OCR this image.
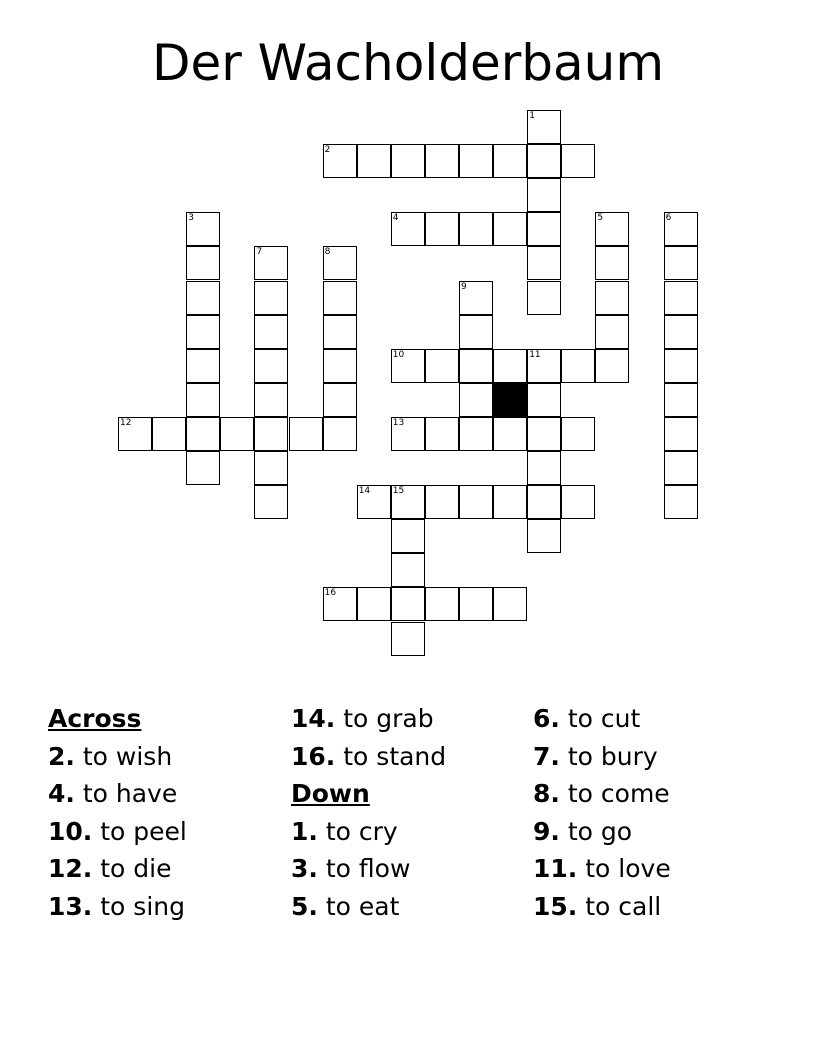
Der Wacholderbaum
1
2
3	4	5	6
7	8
9
10	11
12	13
14	15
16
Across
2. to wish
4. to have
10. to peel
12. to die
13. to sing
14. to grab
16. to stand
Down
1. to cry
3. to flow
5. to eat
6. to cut
7. to bury
8. to come
9. to go
11. to love
15. to call
